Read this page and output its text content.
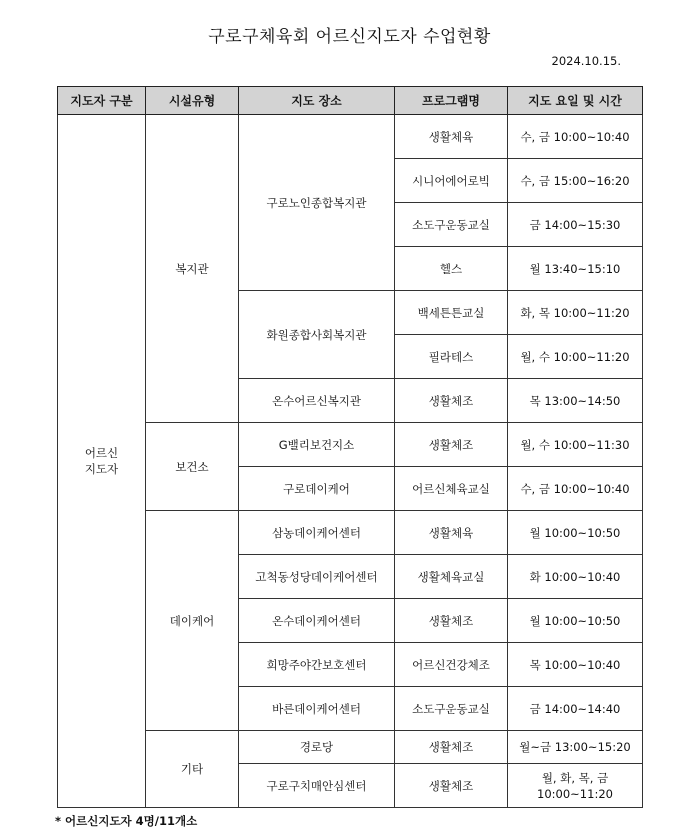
구로구체육회 어르신지도자 수업현황
2024.10.15.
지도자 구분	시설유형	지도 장소	프로그램명	지도 요일 및 시간

어르신
지도자	복지관	구로노인종합복지관	생활체육	수, 금 10:00~10:40
			시니어에어로빅	수, 금 15:00~16:20
			소도구운동교실	금 14:00~15:30
			헬스	월 13:40~15:10
		화원종합사회복지관	백세튼튼교실	화, 목 10:00~11:20
			필라테스	월, 수 10:00~11:20
		온수어르신복지관	생활체조	목 13:00~14:50
	보건소	G밸리보건지소	생활체조	월, 수 10:00~11:30
		구로데이케어	어르신체육교실	수, 금 10:00~10:40
	데이케어	삼농데이케어센터	생활체육	월 10:00~10:50
		고척동성당데이케어센터	생활체육교실	화 10:00~10:40
		온수데이케어센터	생활체조	월 10:00~10:50
		희망주야간보호센터	어르신건강체조	목 10:00~10:40
		바른데이케어센터	소도구운동교실	금 14:00~14:40
	기타	경로당	생활체조	월~금 13:00~15:20
		구로구치매안심센터	생활체조	월, 화, 목, 금
10:00~11:20
* 어르신지도자 4명/11개소
